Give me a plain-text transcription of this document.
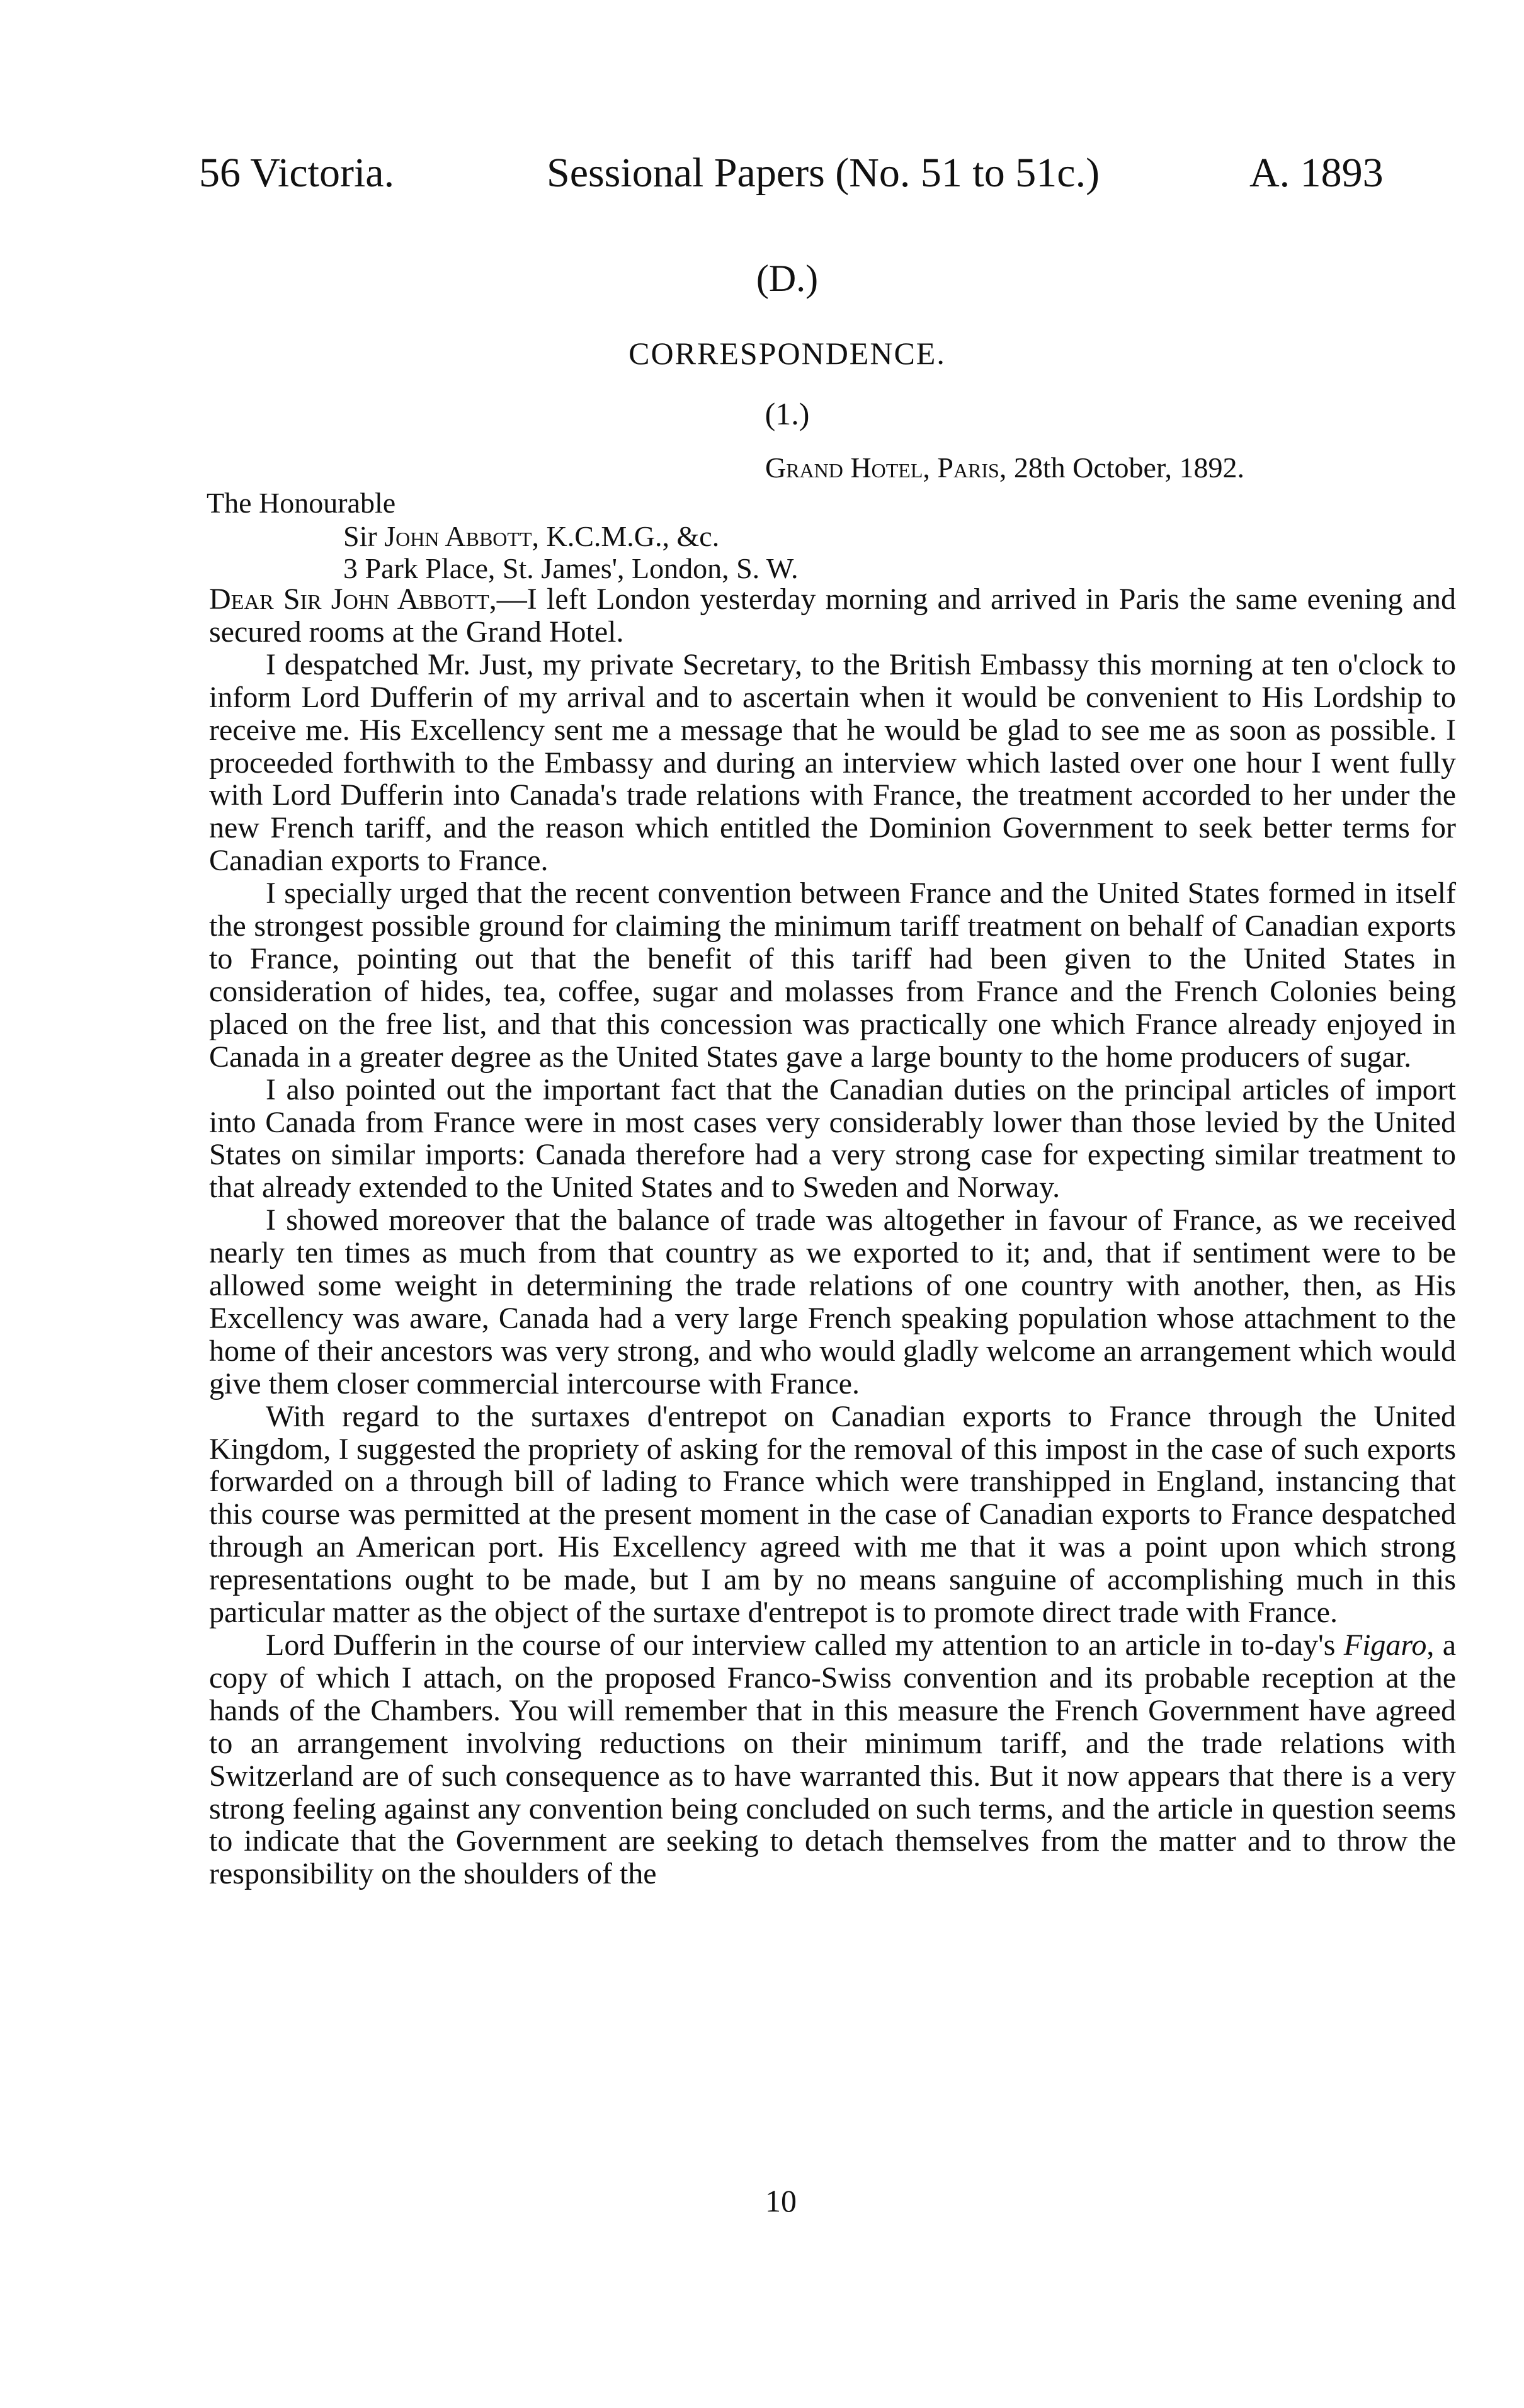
56 Victoria.	Sessional Papers (No. 51 to 51c.)	A. 1893
(D.)
CORRESPONDENCE.
(1.)
Grand Hotel, Paris, 28th October, 1892.
The Honourable
Sir John Abbott, K.C.M.G., &c.
3 Park Place, St. James', London, S. W.

Dear Sir John Abbott,—I left London yesterday morning and arrived in Paris the same evening and secured rooms at the Grand Hotel.

I despatched Mr. Just, my private Secretary, to the British Embassy this morning at ten o'clock to inform Lord Dufferin of my arrival and to ascertain when it would be convenient to His Lordship to receive me. His Excellency sent me a message that he would be glad to see me as soon as possible. I proceeded forthwith to the Embassy and during an interview which lasted over one hour I went fully with Lord Dufferin into Canada's trade relations with France, the treatment accorded to her under the new French tariff, and the reason which entitled the Dominion Government to seek better terms for Canadian exports to France.

I specially urged that the recent convention between France and the United States formed in itself the strongest possible ground for claiming the minimum tariff treatment on behalf of Canadian exports to France, pointing out that the benefit of this tariff had been given to the United States in consideration of hides, tea, coffee, sugar and molasses from France and the French Colonies being placed on the free list, and that this concession was practically one which France already enjoyed in Canada in a greater degree as the United States gave a large bounty to the home producers of sugar.

I also pointed out the important fact that the Canadian duties on the principal articles of import into Canada from France were in most cases very considerably lower than those levied by the United States on similar imports: Canada therefore had a very strong case for expecting similar treatment to that already extended to the United States and to Sweden and Norway.

I showed moreover that the balance of trade was altogether in favour of France, as we received nearly ten times as much from that country as we exported to it; and, that if sentiment were to be allowed some weight in determining the trade relations of one country with another, then, as His Excellency was aware, Canada had a very large French speaking population whose attachment to the home of their ancestors was very strong, and who would gladly welcome an arrangement which would give them closer commercial intercourse with France.

With regard to the surtaxes d'entrepot on Canadian exports to France through the United Kingdom, I suggested the propriety of asking for the removal of this impost in the case of such exports forwarded on a through bill of lading to France which were transhipped in England, instancing that this course was permitted at the present moment in the case of Canadian exports to France despatched through an American port. His Excellency agreed with me that it was a point upon which strong representations ought to be made, but I am by no means sanguine of accomplishing much in this particular matter as the object of the surtaxe d'entrepot is to promote direct trade with France.

Lord Dufferin in the course of our interview called my attention to an article in to-day's Figaro, a copy of which I attach, on the proposed Franco-Swiss convention and its probable reception at the hands of the Chambers. You will remember that in this measure the French Government have agreed to an arrangement involving reductions on their minimum tariff, and the trade relations with Switzerland are of such consequence as to have warranted this. But it now appears that there is a very strong feeling against any convention being concluded on such terms, and the article in question seems to indicate that the Government are seeking to detach themselves from the matter and to throw the responsibility on the shoulders of the

10
